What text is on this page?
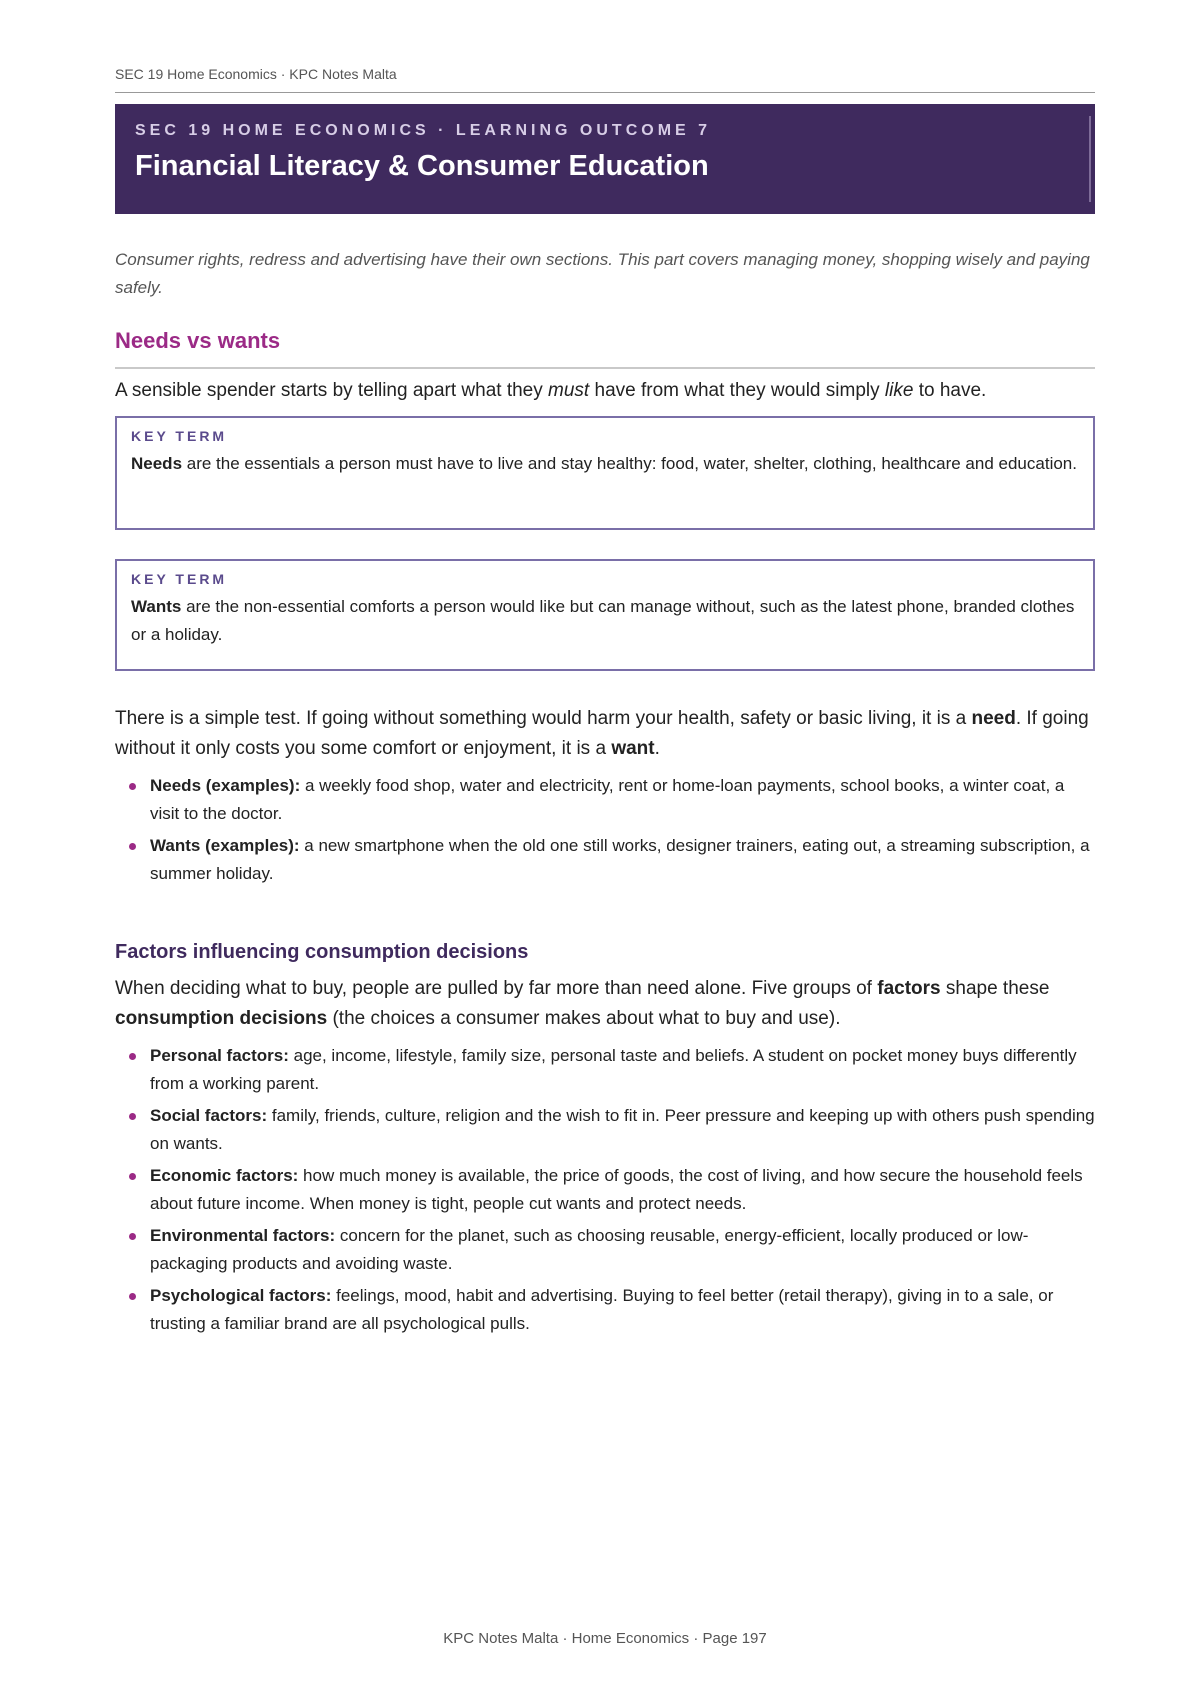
SEC 19 Home Economics · KPC Notes Malta
SEC 19 HOME ECONOMICS · LEARNING OUTCOME 7
Financial Literacy & Consumer Education
Consumer rights, redress and advertising have their own sections. This part covers managing money, shopping wisely and paying safely.
Needs vs wants
A sensible spender starts by telling apart what they must have from what they would simply like to have.
KEY TERM
Needs are the essentials a person must have to live and stay healthy: food, water, shelter, clothing, healthcare and education.
KEY TERM
Wants are the non-essential comforts a person would like but can manage without, such as the latest phone, branded clothes or a holiday.
There is a simple test. If going without something would harm your health, safety or basic living, it is a need. If going without it only costs you some comfort or enjoyment, it is a want.
Needs (examples): a weekly food shop, water and electricity, rent or home-loan payments, school books, a winter coat, a visit to the doctor.
Wants (examples): a new smartphone when the old one still works, designer trainers, eating out, a streaming subscription, a summer holiday.
Factors influencing consumption decisions
When deciding what to buy, people are pulled by far more than need alone. Five groups of factors shape these consumption decisions (the choices a consumer makes about what to buy and use).
Personal factors: age, income, lifestyle, family size, personal taste and beliefs. A student on pocket money buys differently from a working parent.
Social factors: family, friends, culture, religion and the wish to fit in. Peer pressure and keeping up with others push spending on wants.
Economic factors: how much money is available, the price of goods, the cost of living, and how secure the household feels about future income. When money is tight, people cut wants and protect needs.
Environmental factors: concern for the planet, such as choosing reusable, energy-efficient, locally produced or low-packaging products and avoiding waste.
Psychological factors: feelings, mood, habit and advertising. Buying to feel better (retail therapy), giving in to a sale, or trusting a familiar brand are all psychological pulls.
KPC Notes Malta · Home Economics · Page 197
